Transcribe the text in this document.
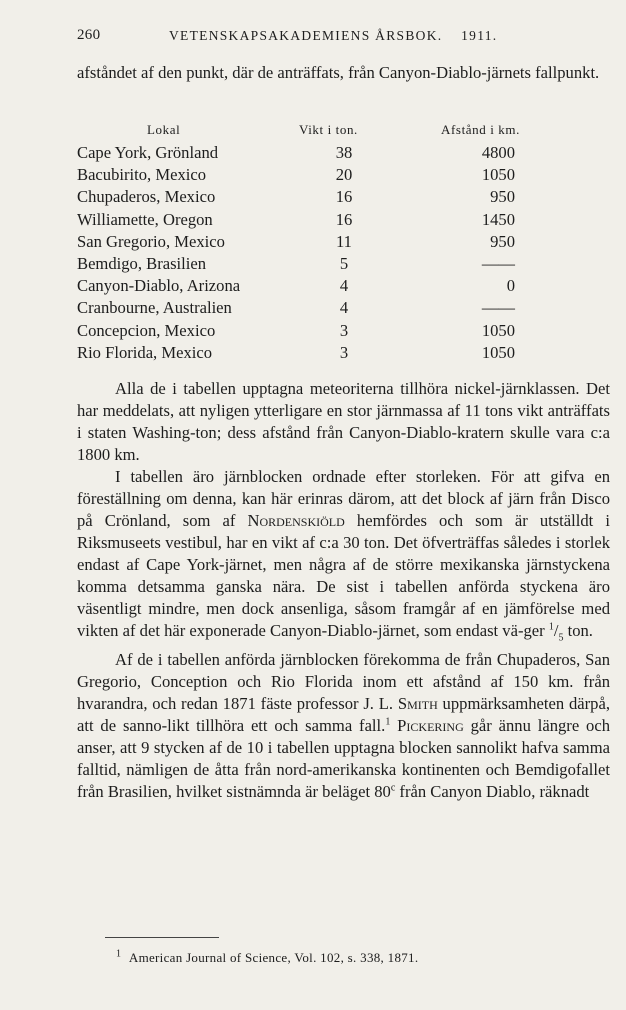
260	VETENSKAPSAKADEMIENS ÅRSBOK. 1911.
afståndet af den punkt, där de anträffats, från Canyon-Diablo-järnets fallpunkt.
Lokal	Vikt i ton.	Afstånd i km.
Cape York, Grönland	38	4800
Bacubirito, Mexico	20	1050
Chupaderos, Mexico	16	950
Williamette, Oregon	16	1450
San Gregorio, Mexico	11	950
Bemdigo, Brasilien	5	——
Canyon-Diablo, Arizona	4	0
Cranbourne, Australien	4	——
Concepcion, Mexico	3	1050
Rio Florida, Mexico	3	1050

Alla de i tabellen upptagna meteoriterna tillhöra nickel-järnklassen. Det har meddelats, att nyligen ytterligare en stor järnmassa af 11 tons vikt anträffats i staten Washing-ton; dess afstånd från Canyon-Diablo-kratern skulle vara c:a 1800 km.

I tabellen äro järnblocken ordnade efter storleken. För att gifva en föreställning om denna, kan här erinras därom, att det block af järn från Disco på Crönland, som af Nordenskiöld hemfördes och som är utställdt i Riksmuseets vestibul, har en vikt af c:a 30 ton. Det öfverträffas således i storlek endast af Cape York-järnet, men några af de större mexikanska järnstyckena komma detsamma ganska nära. De sist i tabellen anförda styckena äro väsentligt mindre, men dock ansenliga, såsom framgår af en jämförelse med vikten af det här exponerade Canyon-Diablo-järnet, som endast vä-ger $^1/_5$ ton.

Af de i tabellen anförda järnblocken förekomma de från Chupaderos, San Gregorio, Conception och Rio Florida inom ett afstånd af 150 km. från hvarandra, och redan 1871 fäste professor J. L. Smith uppmärksamheten därpå, att de sanno-likt tillhöra ett och samma fall.$^1$ Pickering går ännu längre och anser, att 9 stycken af de 10 i tabellen upptagna blocken sannolikt hafva samma falltid, nämligen de åtta från nord-amerikanska kontinenten och Bemdigofallet från Brasilien, hvilket sistnämnda är beläget 80$^c$ från Canyon Diablo, räknadt

$^1$ American Journal of Science, Vol. 102, s. 338, 1871.
